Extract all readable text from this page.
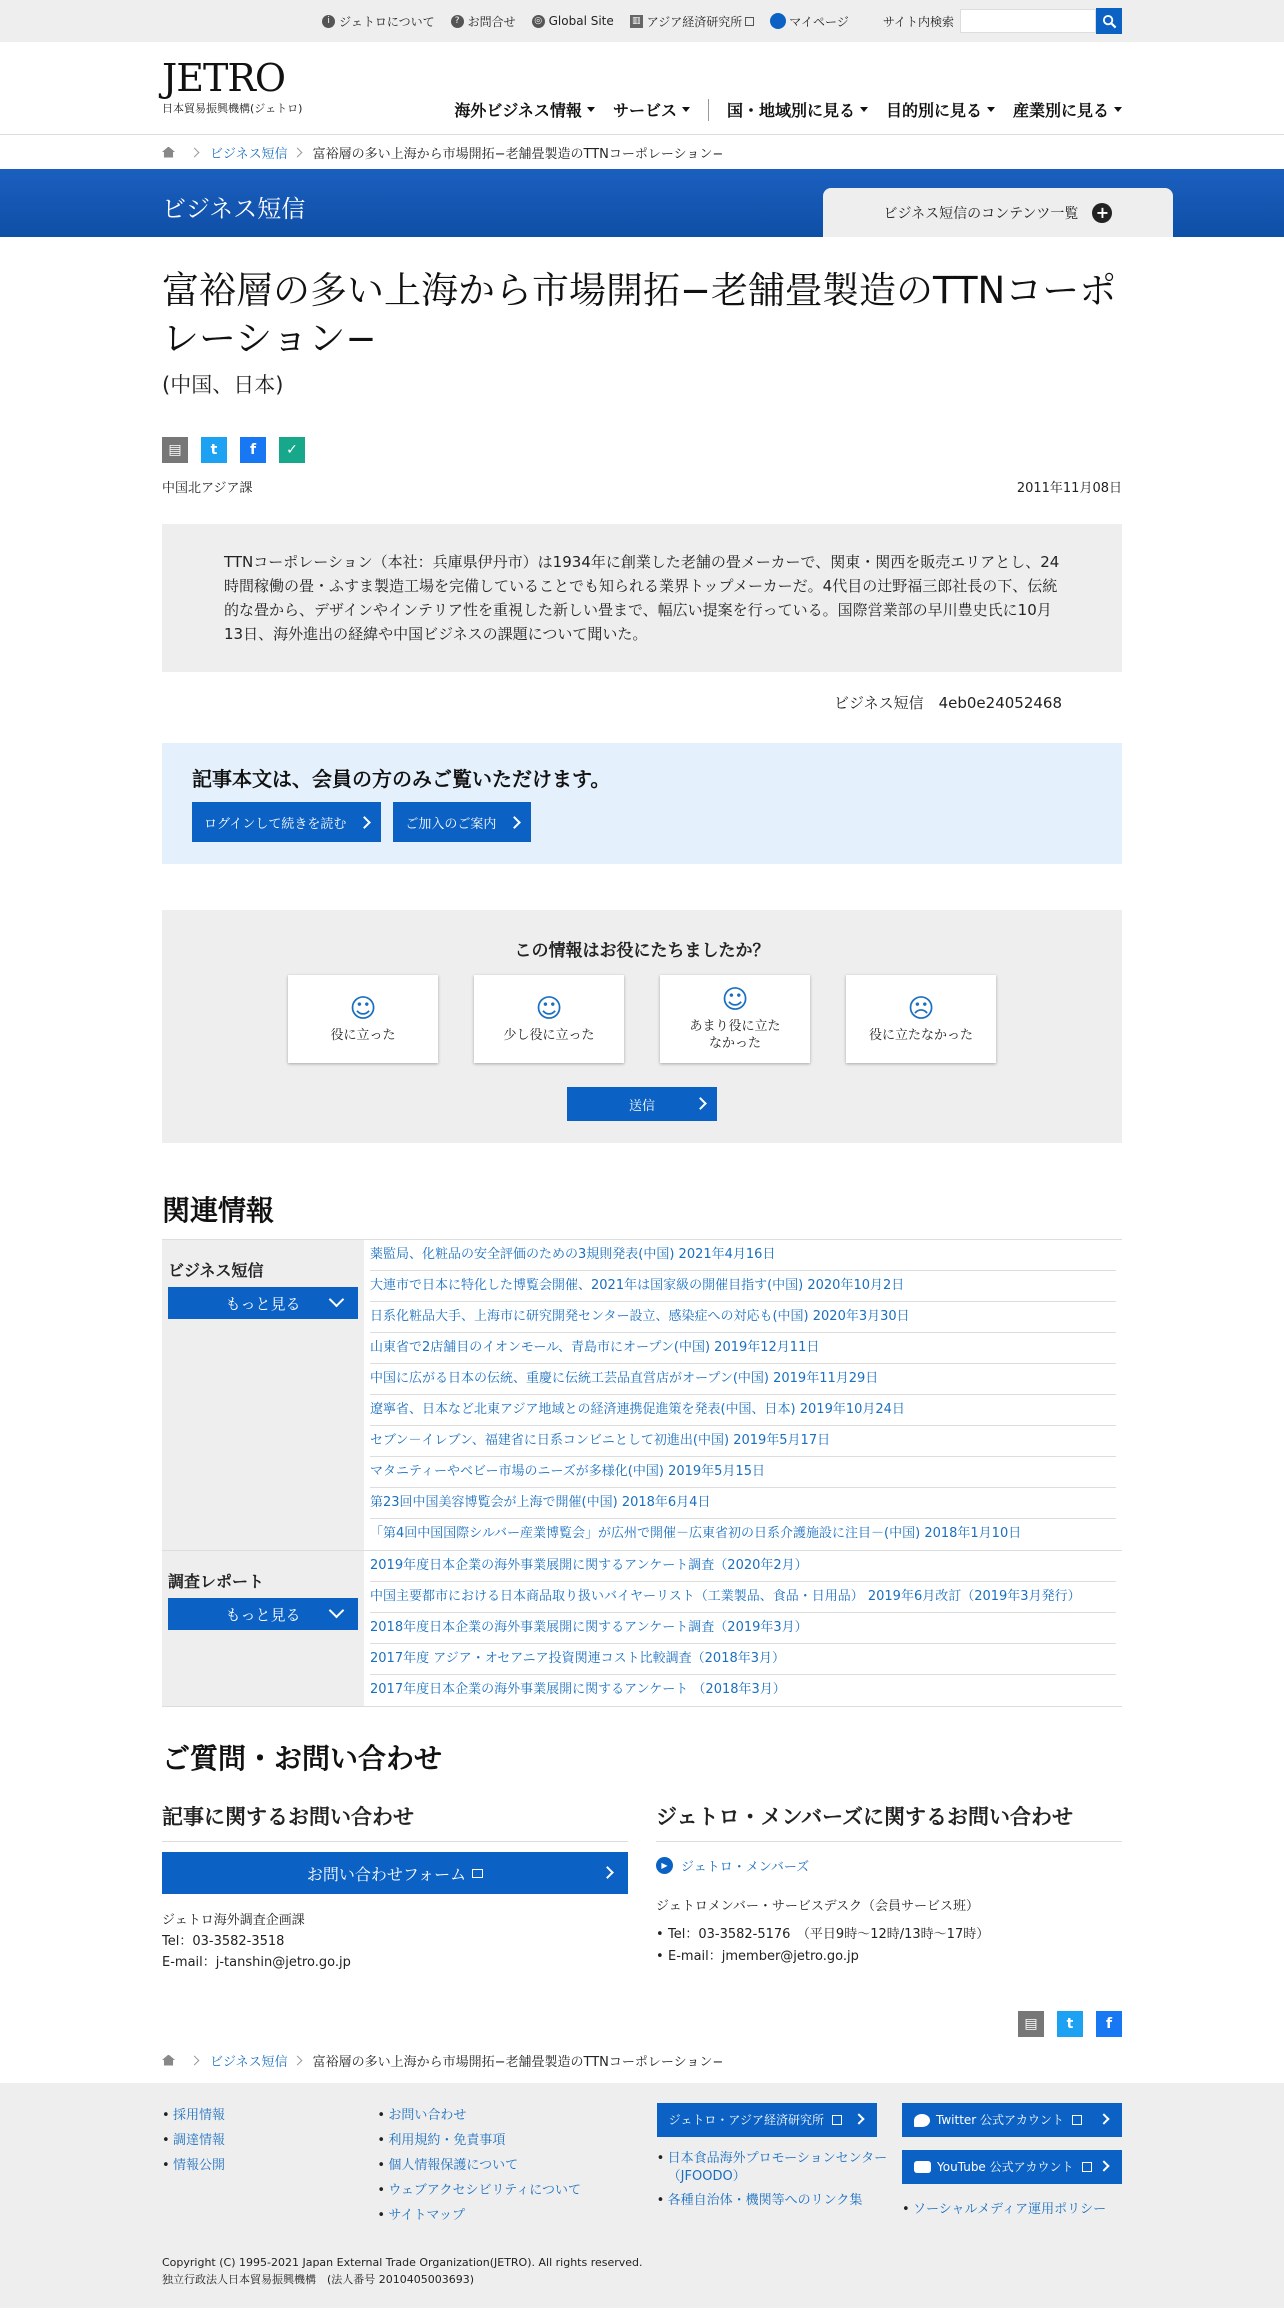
i ジェトロについて	? お問合せ ◎ Global Site ▥ アジア経済研究所	マイページ	サイト内検索
JETRO
日本貿易振興機構(ジェトロ)	海外ビジネス情報 サービス	国・地域別に見る 目的別に見る 産業別に見る
ビジネス短信 富裕層の多い上海から市場開拓−老舗畳製造のTTNコーポレーション−
ビジネス短信	ビジネス短信のコンテンツ一覧 +
富裕層の多い上海から市場開拓−老舗畳製造のTTNコーポレーション−
(中国、日本)
▤	t	f	✓
中国北アジア課	2011年11月08日
TTNコーポレーション（本社：兵庫県伊丹市）は1934年に創業した老舗の畳メーカーで、関東・関西を販売エリアとし、24時間稼働の畳・ふすま製造工場を完備していることでも知られる業界トップメーカーだ。4代目の辻野福三郎社長の下、伝統的な畳から、デザインやインテリア性を重視した新しい畳まで、幅広い提案を行っている。国際営業部の早川豊史氏に10月13日、海外進出の経緯や中国ビジネスの課題について聞いた。
ビジネス短信　4eb0e24052468
記事本文は、会員の方のみご覧いただけます。
ログインして続きを読む	ご加入のご案内
この情報はお役にたちましたか？
☺
役に立った
☺
少し役に立った
☺
あまり役に立たなかった
☹
役に立たなかった
送信
関連情報
ビジネス短信
もっと見る
薬監局、化粧品の安全評価のための3規則発表(中国) 2021年4月16日
大連市で日本に特化した博覧会開催、2021年は国家級の開催目指す(中国) 2020年10月2日
日系化粧品大手、上海市に研究開発センター設立、感染症への対応も(中国) 2020年3月30日
山東省で2店舗目のイオンモール、青島市にオープン(中国) 2019年12月11日
中国に広がる日本の伝統、重慶に伝統工芸品直営店がオープン(中国) 2019年11月29日
遼寧省、日本など北東アジア地域との経済連携促進策を発表(中国、日本) 2019年10月24日
セブン－イレブン、福建省に日系コンビニとして初進出(中国) 2019年5月17日
マタニティーやベビー市場のニーズが多様化(中国) 2019年5月15日
第23回中国美容博覧会が上海で開催(中国) 2018年6月4日
「第4回中国国際シルバー産業博覧会」が広州で開催－広東省初の日系介護施設に注目－(中国) 2018年1月10日
調査レポート
もっと見る
2019年度日本企業の海外事業展開に関するアンケート調査（2020年2月）
中国主要都市における日本商品取り扱いバイヤーリスト（工業製品、食品・日用品） 2019年6月改訂（2019年3月発行）
2018年度日本企業の海外事業展開に関するアンケート調査（2019年3月）
2017年度 アジア・オセアニア投資関連コスト比較調査（2018年3月）
2017年度日本企業の海外事業展開に関するアンケート （2018年3月）
ご質問・お問い合わせ
記事に関するお問い合わせ
お問い合わせフォーム
ジェトロ海外調査企画課
Tel：03-3582-3518
E-mail：j-tanshin@jetro.go.jp
ジェトロ・メンバーズに関するお問い合わせ
▶	ジェトロ・メンバーズ
ジェトロメンバー・サービスデスク（会員サービス班）
• Tel：03-3582-5176　（平日9時～12時/13時～17時）
• E-mail：jmember@jetro.go.jp
▤	t	f
ビジネス短信 富裕層の多い上海から市場開拓−老舗畳製造のTTNコーポレーション−
• 採用情報
• 調達情報
• 情報公開
• お問い合わせ
• 利用規約・免責事項
• 個人情報保護について
• ウェブアクセシビリティについて
• サイトマップ
ジェトロ・アジア経済研究所
• 日本食品海外プロモーションセンター（JFOODO）
• 各種自治体・機関等へのリンク集
Twitter 公式アカウント
YouTube 公式アカウント
• ソーシャルメディア運用ポリシー
Copyright (C) 1995-2021 Japan External Trade Organization(JETRO). All rights reserved.
独立行政法人日本貿易振興機構　(法人番号 2010405003693)
